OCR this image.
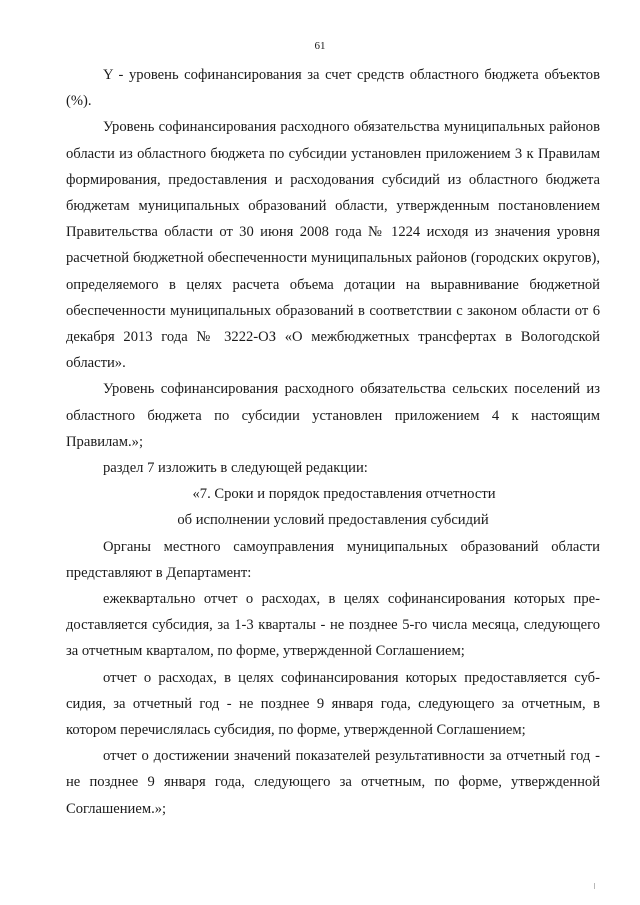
61

Y - уровень софинансирования за счет средств областного бюджета объектов (%).

Уровень софинансирования расходного обязательства муниципальных районов области из областного бюджета по субсидии установлен приложением 3 к Правилам формирования, предоставления и расходования субсидий из областного бюджета бюджетам муниципальных образований области, утвержденным постановлением Правительства области от 30 июня 2008 года № 1224 исходя из значения уровня расчетной бюджетной обеспеченности муниципальных районов (городских округов), определяемого в целях расчета объема дотации на выравнивание бюджетной обеспеченности муниципальных образований в соответствии с законом области от 6 декабря 2013 года № 3222-ОЗ «О межбюджетных трансфертах в Вологодской области».

Уровень софинансирования расходного обязательства сельских поселений из областного бюджета по субсидии установлен приложением 4 к настоящим Правилам.»;

раздел 7 изложить в следующей редакции:

«7. Сроки и порядок предоставления отчетности
об исполнении условий предоставления субсидий

Органы местного самоуправления муниципальных образований области представляют в Департамент:

ежеквартально отчет о расходах, в целях софинансирования которых предоставляется субсидия, за 1-3 кварталы - не позднее 5-го числа месяца, следующего за отчетным кварталом, по форме, утвержденной Соглашением;

отчет о расходах, в целях софинансирования которых предоставляется субсидия, за отчетный год - не позднее 9 января года, следующего за отчетным, в котором перечислялась субсидия, по форме, утвержденной Соглашением;

отчет о достижении значений показателей результативности за отчетный год - не позднее 9 января года, следующего за отчетным, по форме, утвержденной Соглашением.»;
